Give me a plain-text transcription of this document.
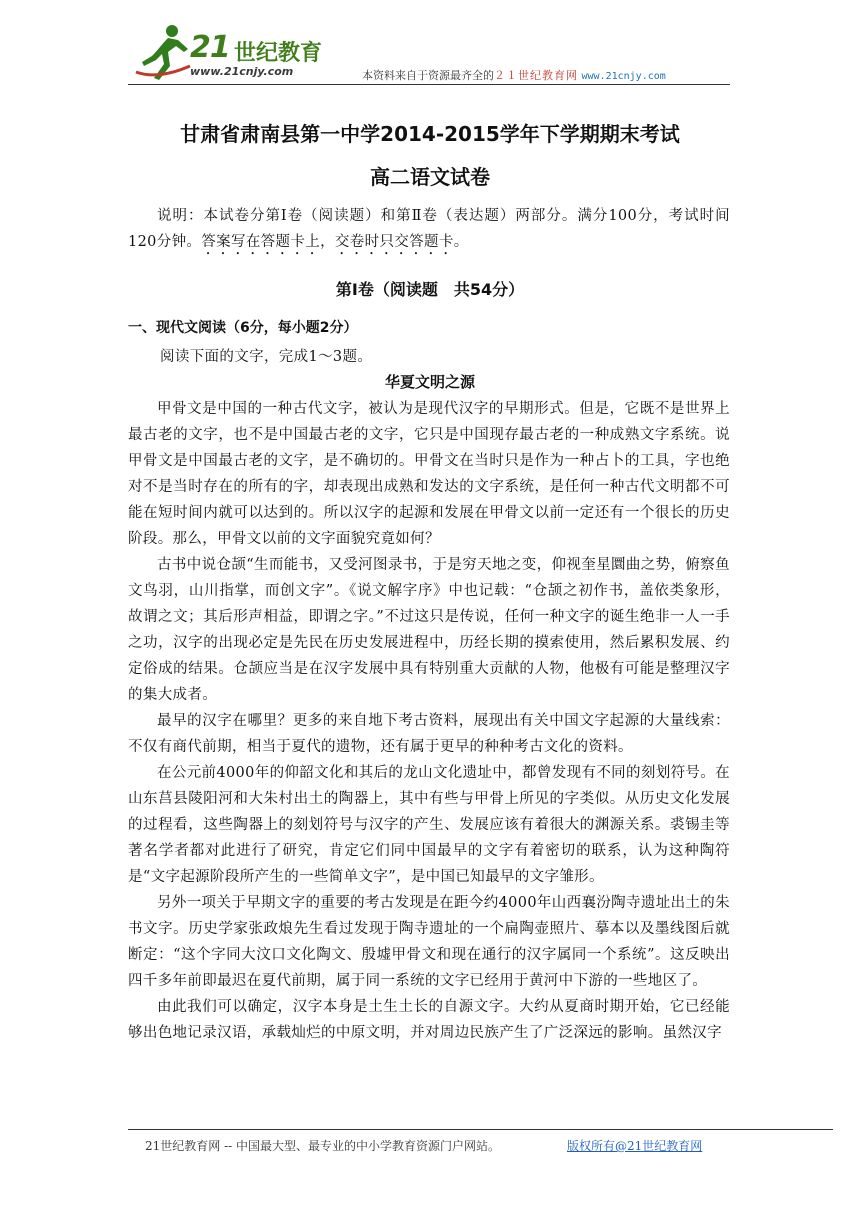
21 世纪教育
www.21cnjy.com	本资料来自于资源最齐全的２１世纪教育网 www.21cnjy.com
甘肃省肃南县第一中学2014-2015学年下学期期末考试
高二语文试卷

说明：本试卷分第Ⅰ卷（阅读题）和第Ⅱ卷（表达题）两部分。满分100分，考试时间120分钟。答案写在答题卡上，交卷时只交答题卡。

第Ⅰ卷（阅读题　共54分）
一、现代文阅读（6分，每小题2分）
阅读下面的文字，完成1～3题。
华夏文明之源

甲骨文是中国的一种古代文字，被认为是现代汉字的早期形式。但是，它既不是世界上最古老的文字，也不是中国最古老的文字，它只是中国现存最古老的一种成熟文字系统。说甲骨文是中国最古老的文字，是不确切的。甲骨文在当时只是作为一种占卜的工具，字也绝对不是当时存在的所有的字，却表现出成熟和发达的文字系统，是任何一种古代文明都不可能在短时间内就可以达到的。所以汉字的起源和发展在甲骨文以前一定还有一个很长的历史阶段。那么，甲骨文以前的文字面貌究竟如何？

古书中说仓颉“生而能书，又受河图录书，于是穷天地之变，仰视奎星圜曲之势，俯察鱼文鸟羽，山川指掌，而创文字”。《说文解字序》中也记载：“仓颉之初作书，盖依类象形，故谓之文；其后形声相益，即谓之字。”不过这只是传说，任何一种文字的诞生绝非一人一手之功，汉字的出现必定是先民在历史发展进程中，历经长期的摸索使用，然后累积发展、约定俗成的结果。仓颉应当是在汉字发展中具有特别重大贡献的人物，他极有可能是整理汉字的集大成者。

最早的汉字在哪里？更多的来自地下考古资料，展现出有关中国文字起源的大量线索：不仅有商代前期，相当于夏代的遗物，还有属于更早的种种考古文化的资料。

在公元前4000年的仰韶文化和其后的龙山文化遗址中，都曾发现有不同的刻划符号。在山东莒县陵阳河和大朱村出土的陶器上，其中有些与甲骨上所见的字类似。从历史文化发展的过程看，这些陶器上的刻划符号与汉字的产生、发展应该有着很大的渊源关系。裘锡圭等著名学者都对此进行了研究，肯定它们同中国最早的文字有着密切的联系，认为这种陶符是“文字起源阶段所产生的一些简单文字”，是中国已知最早的文字雏形。

另外一项关于早期文字的重要的考古发现是在距今约4000年山西襄汾陶寺遗址出土的朱书文字。历史学家张政烺先生看过发现于陶寺遗址的一个扁陶壶照片、摹本以及墨线图后就断定：“这个字同大汶口文化陶文、殷墟甲骨文和现在通行的汉字属同一个系统”。这反映出四千多年前即最迟在夏代前期，属于同一系统的文字已经用于黄河中下游的一些地区了。

由此我们可以确定，汉字本身是土生土长的自源文字。大约从夏商时期开始，它已经能够出色地记录汉语，承载灿烂的中原文明，并对周边民族产生了广泛深远的影响。虽然汉字

21世纪教育网 -- 中国最大型、最专业的中小学教育资源门户网站。	版权所有@21世纪教育网
